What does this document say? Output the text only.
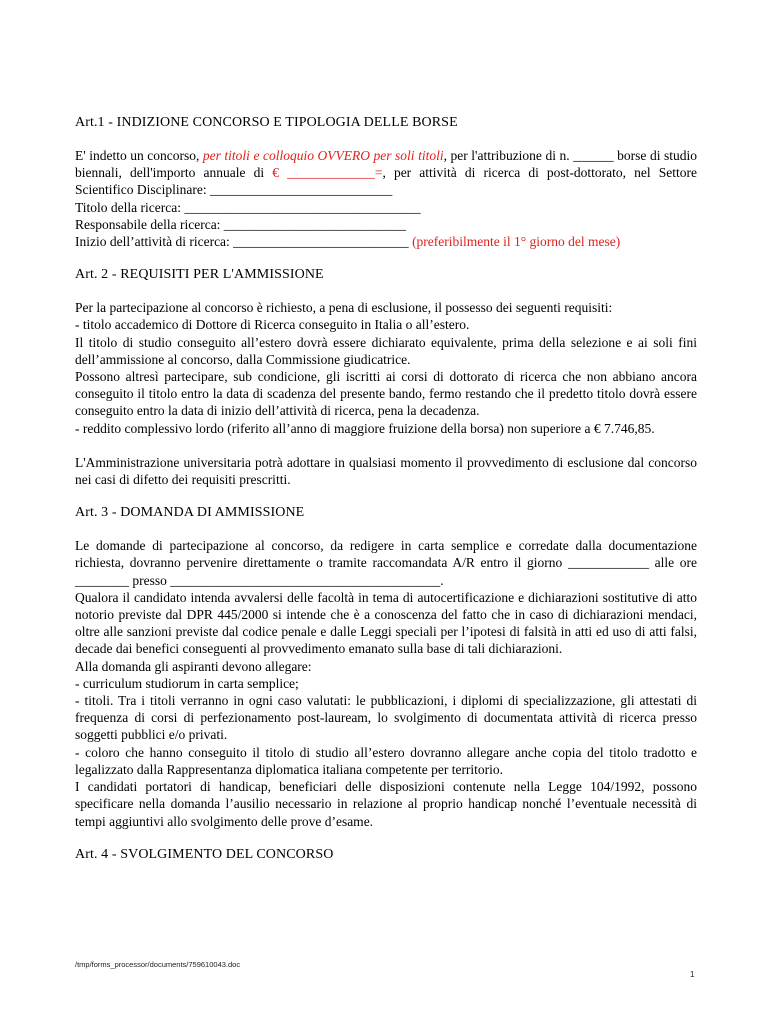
Art.1 - INDIZIONE CONCORSO E TIPOLOGIA DELLE BORSE

E' indetto un concorso, per titoli e colloquio OVVERO per soli titoli, per l'attribuzione di n. ______ borse di studio biennali, dell'importo annuale di € _____________=, per attività di ricerca di post-dottorato, nel Settore Scientifico Disciplinare: ___________________________

Titolo della ricerca: ___________________________________

Responsabile della ricerca: ___________________________

Inizio dell’attività di ricerca: __________________________ (preferibilmente il 1° giorno del mese)

Art. 2 - REQUISITI PER L'AMMISSIONE

Per la partecipazione al concorso è richiesto, a pena di esclusione, il possesso dei seguenti requisiti:

- titolo accademico di Dottore di Ricerca conseguito in Italia o all’estero.

Il titolo di studio conseguito all’estero dovrà essere dichiarato equivalente, prima della selezione e ai soli fini dell’ammissione al concorso, dalla Commissione giudicatrice.

Possono altresì partecipare, sub condicione, gli iscritti ai corsi di dottorato di ricerca che non abbiano ancora conseguito il titolo entro la data di scadenza del presente bando, fermo restando che il predetto titolo dovrà essere conseguito entro la data di inizio dell’attività di ricerca, pena la decadenza.

- reddito complessivo lordo (riferito all’anno di maggiore fruizione della borsa) non superiore a € 7.746,85.

L'Amministrazione universitaria potrà adottare in qualsiasi momento il provvedimento di esclusione dal concorso nei casi di difetto dei requisiti prescritti.

Art. 3 - DOMANDA DI AMMISSIONE

Le domande di partecipazione al concorso, da redigere in carta semplice e corredate dalla documentazione richiesta, dovranno pervenire direttamente o tramite raccomandata A/R entro il giorno ____________ alle ore ________ presso ________________________________________.

Qualora il candidato intenda avvalersi delle facoltà in tema di autocertificazione e dichiarazioni sostitutive di atto notorio previste dal DPR 445/2000 si intende che è a conoscenza del fatto che in caso di dichiarazioni mendaci, oltre alle sanzioni previste dal codice penale e dalle Leggi speciali per l’ipotesi di falsità in atti ed uso di atti falsi, decade dai benefici conseguenti al provvedimento emanato sulla base di tali dichiarazioni.

Alla domanda gli aspiranti devono allegare:

- curriculum studiorum in carta semplice;

- titoli. Tra i titoli verranno in ogni caso valutati: le pubblicazioni, i diplomi di specializzazione, gli attestati di frequenza di corsi di perfezionamento post-lauream, lo svolgimento di documentata attività di ricerca presso soggetti pubblici e/o privati.

- coloro che hanno conseguito il titolo di studio all’estero dovranno allegare anche copia del titolo tradotto e legalizzato dalla Rappresentanza diplomatica italiana competente per territorio.

I candidati portatori di handicap, beneficiari delle disposizioni contenute nella Legge 104/1992, possono specificare nella domanda l’ausilio necessario in relazione al proprio handicap nonché l’eventuale necessità di tempi aggiuntivi allo svolgimento delle prove d’esame.

Art. 4 - SVOLGIMENTO DEL CONCORSO
/tmp/forms_processor/documents/759610043.doc
1
